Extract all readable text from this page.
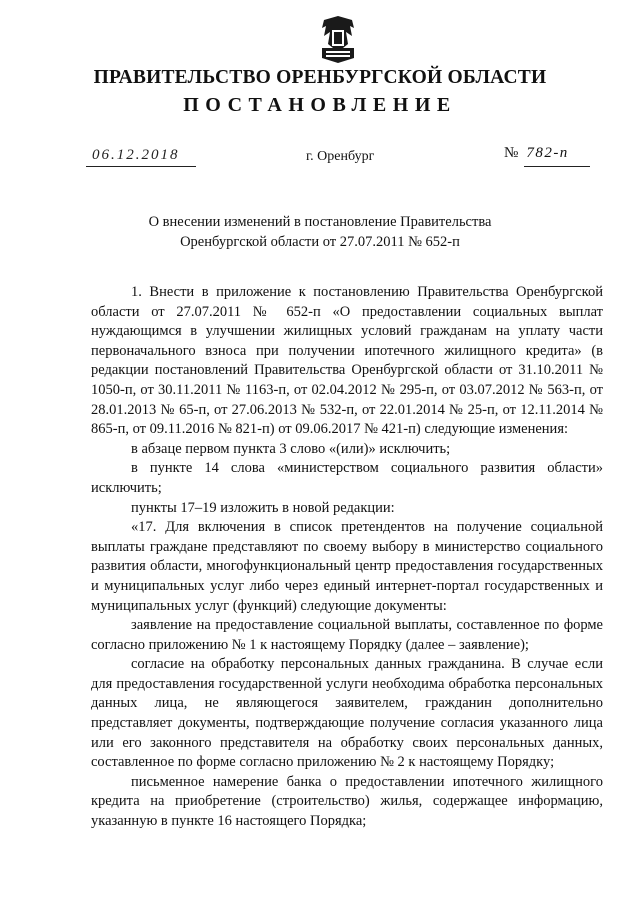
ПРАВИТЕЛЬСТВО ОРЕНБУРГСКОЙ ОБЛАСТИ
ПОСТАНОВЛЕНИЕ
06.12.2018	г. Оренбург	№ 782-п
О внесении изменений в постановление Правительства
Оренбургской области от 27.07.2011 № 652-п

1. Внести в приложение к постановлению Правительства Оренбургской области от 27.07.2011 № 652-п «О предоставлении социальных выплат нуждающимся в улучшении жилищных условий гражданам на уплату части первоначального взноса при получении ипотечного жилищного кредита» (в редакции постановлений Правительства Оренбургской области от 31.10.2011 № 1050-п, от 30.11.2011 № 1163-п, от 02.04.2012 № 295-п, от 03.07.2012 № 563-п, от 28.01.2013 № 65-п, от 27.06.2013 № 532-п, от 22.01.2014 № 25-п, от 12.11.2014 № 865-п, от 09.11.2016 № 821-п) от 09.06.2017 № 421-п) следующие изменения:

в абзаце первом пункта 3 слово «(или)» исключить;

в пункте 14 слова «министерством социального развития области» исключить;

пункты 17–19 изложить в новой редакции:

«17. Для включения в список претендентов на получение социальной выплаты граждане представляют по своему выбору в министерство социального развития области, многофункциональный центр предоставления государственных и муниципальных услуг либо через единый интернет-портал государственных и муниципальных услуг (функций) следующие документы:

заявление на предоставление социальной выплаты, составленное по форме согласно приложению № 1 к настоящему Порядку (далее – заявление);

согласие на обработку персональных данных гражданина. В случае если для предоставления государственной услуги необходима обработка персональных данных лица, не являющегося заявителем, гражданин дополнительно представляет документы, подтверждающие получение согласия указанного лица или его законного представителя на обработку своих персональных данных, составленное по форме согласно приложению № 2 к настоящему Порядку;

письменное намерение банка о предоставлении ипотечного жилищного кредита на приобретение (строительство) жилья, содержащее информацию, указанную в пункте 16 настоящего Порядка;
